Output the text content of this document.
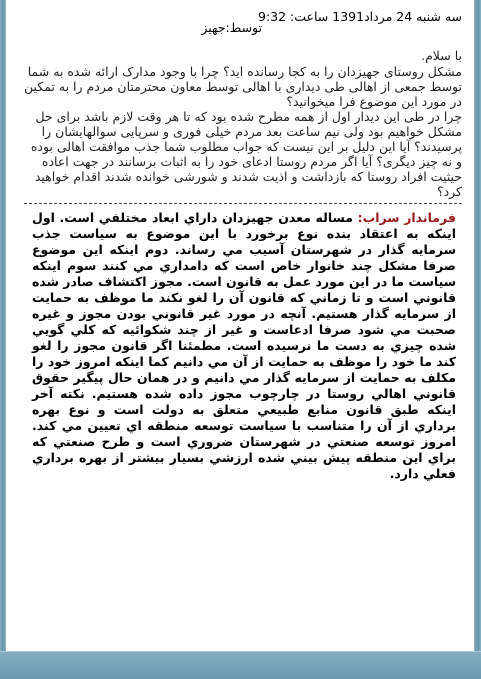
سه شنبه 24 مرداد1391 ساعت: 9:32
توسط:جهیز

با سلام.

مشکل روستای جهیزدان را به کجا رسانده اید؟ چرا با وجود مدارک ارائه شده به شما توسط جمعی از اهالی طی دیداری با اهالی توسط معاون محترمتان مردم را به تمکین در مورد این موضوع فرا میخوانید؟

چرا در طی این دیدار اول از همه مطرح شده بود که تا هر وقت لازم باشد برای حل مشکل خواهیم بود ولی نیم ساعت بعد مردم خیلی فوری و سرپایی سوالهایشان را پرسیدند؟ آیا این دلیل بر این نیست که جواب مطلوب شما جذب موافقت اهالی بوده و نه چیز دیگری؟ آیا اگر مردم روستا ادعای خود را به اثبات برسانند در جهت اعاده حیثیت افراد روستا که بازداشت و اذیت شدند و شورشی خوانده شدند اقدام خواهید کرد؟

فرماندار سراب: مساله معدن جهيزدان داراي ابعاد مختلفي است. اول اينكه به اعتقاد بنده نوع برخورد با اين موضوع به سياست جذب سرمايه گذار در شهرستان آسيب مي رساند. دوم اينكه اين موضوع صرفا مشكل چند خانوار خاص است كه دامداري مي كنند سوم اينكه سياست ما در اين مورد عمل به قانون است. مجوز اكتشاف صادر شده قانوني است و تا زماني كه قانون آن را لغو نكند ما موظف به حمايت از سرمايه گذار هستيم. آنچه در مورد غير قانوني بودن مجوز و غيره صحبت مي شود صرفا ادعاست و غير از چند شكوائيه كه كلي گويي شده چيزي به دست ما نرسيده است. مطمئنا اگر قانون مجوز را لغو كند ما خود را موظف به حمايت از آن مي دانيم كما اينكه امروز خود را مكلف به حمايت از سرمايه گذار مي دانيم و در همان حال پيگير حقوق قانوني اهالي روستا در چارچوب مجوز داده شده هستيم. نكته آخر اينكه طبق قانون منابع طبيعي متعلق به دولت است و نوع بهره برداري از آن را متناسب با سياست توسعه منطقه اي تعيين مي كند. امروز توسعه صنعتي در شهرستان ضروري است و طرح صنعتي كه براي اين منطقه پيش بيني شده ارزشي بسيار بيشتر از بهره برداري فعلي دارد.
